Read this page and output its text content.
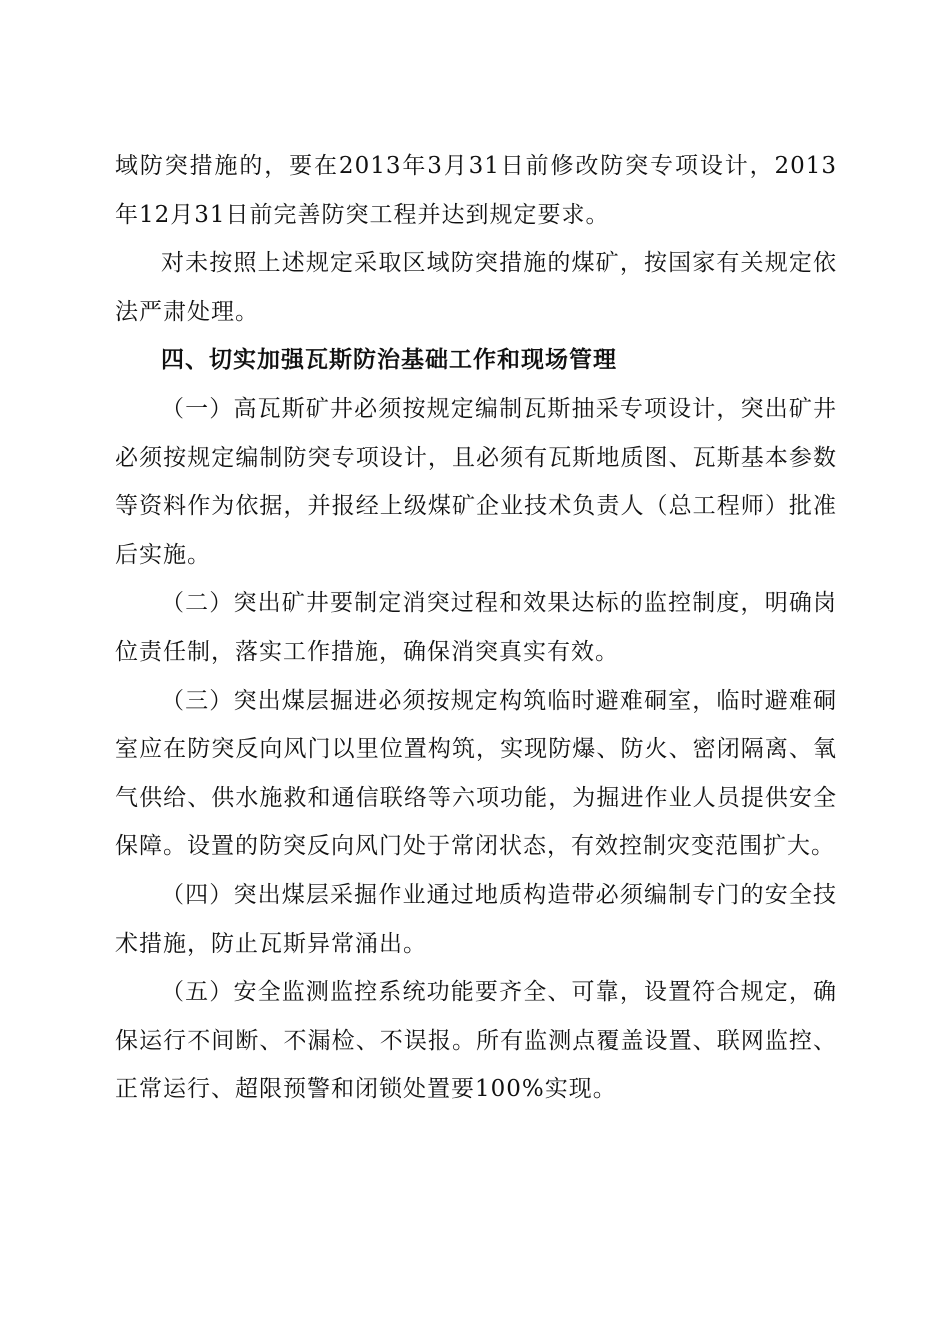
域防突措施的，要在2013年3月31日前修改防突专项设计，2013年12月31日前完善防突工程并达到规定要求。

对未按照上述规定采取区域防突措施的煤矿，按国家有关规定依法严肃处理。

四、切实加强瓦斯防治基础工作和现场管理

（一）高瓦斯矿井必须按规定编制瓦斯抽采专项设计，突出矿井必须按规定编制防突专项设计，且必须有瓦斯地质图、瓦斯基本参数等资料作为依据，并报经上级煤矿企业技术负责人（总工程师）批准后实施。

（二）突出矿井要制定消突过程和效果达标的监控制度，明确岗位责任制，落实工作措施，确保消突真实有效。

（三）突出煤层掘进必须按规定构筑临时避难硐室，临时避难硐室应在防突反向风门以里位置构筑，实现防爆、防火、密闭隔离、氧气供给、供水施救和通信联络等六项功能，为掘进作业人员提供安全保障。设置的防突反向风门处于常闭状态，有效控制灾变范围扩大。

（四）突出煤层采掘作业通过地质构造带必须编制专门的安全技术措施，防止瓦斯异常涌出。

（五）安全监测监控系统功能要齐全、可靠，设置符合规定，确保运行不间断、不漏检、不误报。所有监测点覆盖设置、联网监控、正常运行、超限预警和闭锁处置要100%实现。
